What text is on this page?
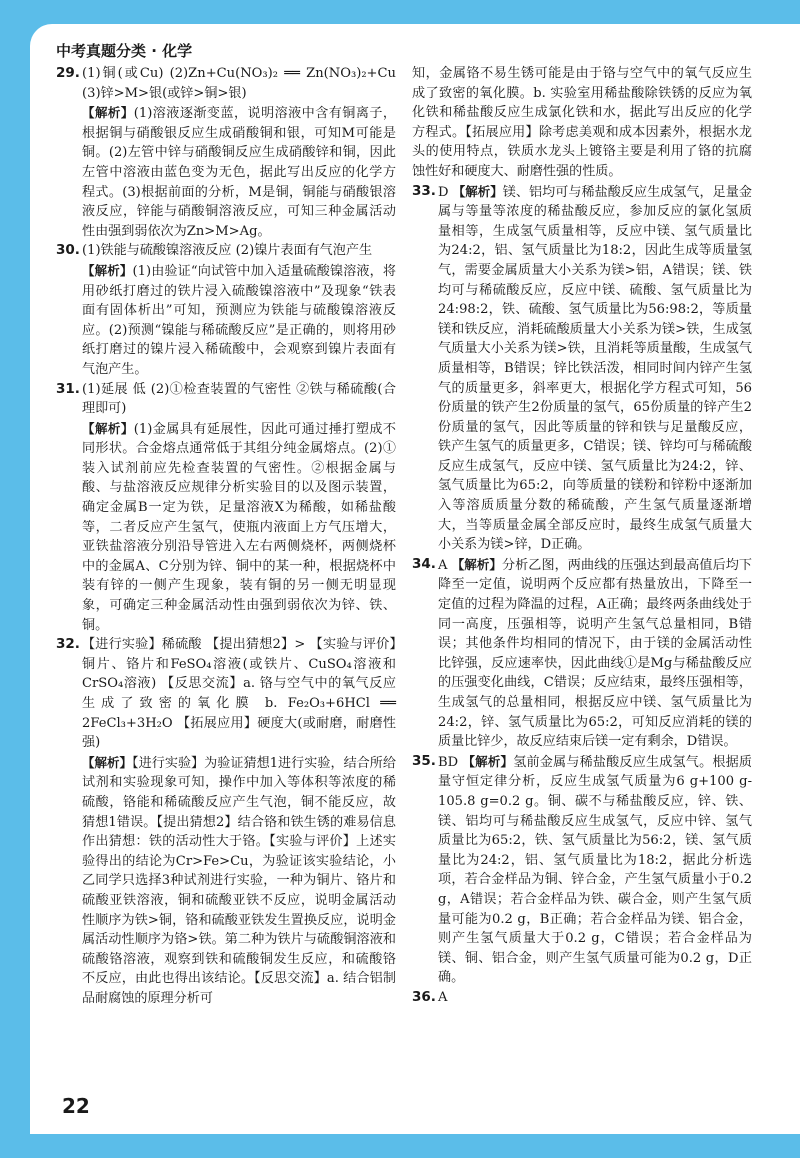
中考真题分类 · 化学
29. (1)铜(或Cu) (2)Zn+Cu(NO₃)₂ ══ Zn(NO₃)₂+Cu (3)锌>M>银(或锌>铜>银)
【解析】(1)溶液逐渐变蓝，说明溶液中含有铜离子，根据铜与硝酸银反应生成硝酸铜和银，可知M可能是铜。(2)左管中锌与硝酸铜反应生成硝酸锌和铜，因此左管中溶液由蓝色变为无色，据此写出反应的化学方程式。(3)根据前面的分析，M是铜，铜能与硝酸银溶液反应，锌能与硝酸铜溶液反应，可知三种金属活动性由强到弱依次为Zn>M>Ag。
30. (1)铁能与硫酸镍溶液反应 (2)镍片表面有气泡产生
【解析】(1)由验证“向试管中加入适量硫酸镍溶液，将用砂纸打磨过的铁片浸入硫酸镍溶液中”及现象“铁表面有固体析出”可知，预测应为铁能与硫酸镍溶液反应。(2)预测“镍能与稀硫酸反应”是正确的，则将用砂纸打磨过的镍片浸入稀硫酸中，会观察到镍片表面有气泡产生。
31. (1)延展 低 (2)①检查装置的气密性 ②铁与稀硫酸(合理即可)
【解析】(1)金属具有延展性，因此可通过捶打塑成不同形状。合金熔点通常低于其组分纯金属熔点。(2)①装入试剂前应先检查装置的气密性。②根据金属与酸、与盐溶液反应规律分析实验目的以及图示装置，确定金属B一定为铁，足量溶液X为稀酸，如稀盐酸等，二者反应产生氢气，使瓶内液面上方气压增大，亚铁盐溶液分别沿导管进入左右两侧烧杯，两侧烧杯中的金属A、C分别为锌、铜中的某一种，根据烧杯中装有锌的一侧产生现象，装有铜的另一侧无明显现象，可确定三种金属活动性由强到弱依次为锌、铁、铜。
32. 【进行实验】稀硫酸 【提出猜想2】> 【实验与评价】铜片、铬片和FeSO₄溶液(或铁片、CuSO₄溶液和CrSO₄溶液) 【反思交流】a. 铬与空气中的氧气反应生成了致密的氧化膜 b. Fe₂O₃+6HCl ══ 2FeCl₃+3H₂O 【拓展应用】硬度大(或耐磨，耐磨性强)
【解析】【进行实验】为验证猜想1进行实验，结合所给试剂和实验现象可知，操作中加入等体积等浓度的稀硫酸，铬能和稀硫酸反应产生气泡，铜不能反应，故猜想1错误。【提出猜想2】结合铬和铁生锈的难易信息作出猜想：铁的活动性大于铬。【实验与评价】上述实验得出的结论为Cr>Fe>Cu，为验证该实验结论，小乙同学只选择3种试剂进行实验，一种为铜片、铬片和硫酸亚铁溶液，铜和硫酸亚铁不反应，说明金属活动性顺序为铁>铜，铬和硫酸亚铁发生置换反应，说明金属活动性顺序为铬>铁。第二种为铁片与硫酸铜溶液和硫酸铬溶液，观察到铁和硫酸铜发生反应，和硫酸铬不反应，由此也得出该结论。【反思交流】a. 结合铝制品耐腐蚀的原理分析可
知，金属铬不易生锈可能是由于铬与空气中的氧气反应生成了致密的氧化膜。b. 实验室用稀盐酸除铁锈的反应为氧化铁和稀盐酸反应生成氯化铁和水，据此写出反应的化学方程式。【拓展应用】除考虑美观和成本因素外，根据水龙头的使用特点，铁质水龙头上镀铬主要是利用了铬的抗腐蚀性好和硬度大、耐磨性强的性质。
33. D 【解析】镁、铝均可与稀盐酸反应生成氢气，足量金属与等量等浓度的稀盐酸反应，参加反应的氯化氢质量相等，生成氢气质量相等，反应中镁、氢气质量比为24:2，铝、氢气质量比为18:2，因此生成等质量氢气，需要金属质量大小关系为镁>铝，A错误；镁、铁均可与稀硫酸反应，反应中镁、硫酸、氢气质量比为24:98:2，铁、硫酸、氢气质量比为56:98:2，等质量镁和铁反应，消耗硫酸质量大小关系为镁>铁，生成氢气质量大小关系为镁>铁，且消耗等质量酸，生成氢气质量相等，B错误；锌比铁活泼，相同时间内锌产生氢气的质量更多，斜率更大，根据化学方程式可知，56份质量的铁产生2份质量的氢气，65份质量的锌产生2份质量的氢气，因此等质量的锌和铁与足量酸反应，铁产生氢气的质量更多，C错误；镁、锌均可与稀硫酸反应生成氢气，反应中镁、氢气质量比为24:2，锌、氢气质量比为65:2，向等质量的镁粉和锌粉中逐渐加入等溶质质量分数的稀硫酸，产生氢气质量逐渐增大，当等质量金属全部反应时，最终生成氢气质量大小关系为镁>锌，D正确。
34. A 【解析】分析乙图，两曲线的压强达到最高值后均下降至一定值，说明两个反应都有热量放出，下降至一定值的过程为降温的过程，A正确；最终两条曲线处于同一高度，压强相等，说明产生氢气总量相同，B错误；其他条件均相同的情况下，由于镁的金属活动性比锌强，反应速率快，因此曲线①是Mg与稀盐酸反应的压强变化曲线，C错误；反应结束，最终压强相等，生成氢气的总量相同，根据反应中镁、氢气质量比为24:2，锌、氢气质量比为65:2，可知反应消耗的镁的质量比锌少，故反应结束后镁一定有剩余，D错误。
35. BD 【解析】氢前金属与稀盐酸反应生成氢气。根据质量守恒定律分析，反应生成氢气质量为6 g+100 g-105.8 g=0.2 g。铜、碳不与稀盐酸反应，锌、铁、镁、铝均可与稀盐酸反应生成氢气，反应中锌、氢气质量比为65:2，铁、氢气质量比为56:2，镁、氢气质量比为24:2，铝、氢气质量比为18:2，据此分析选项，若合金样品为铜、锌合金，产生氢气质量小于0.2 g，A错误；若合金样品为铁、碳合金，则产生氢气质量可能为0.2 g，B正确；若合金样品为镁、铝合金，则产生氢气质量大于0.2 g，C错误；若合金样品为镁、铜、铝合金，则产生氢气质量可能为0.2 g，D正确。
36. A
22
